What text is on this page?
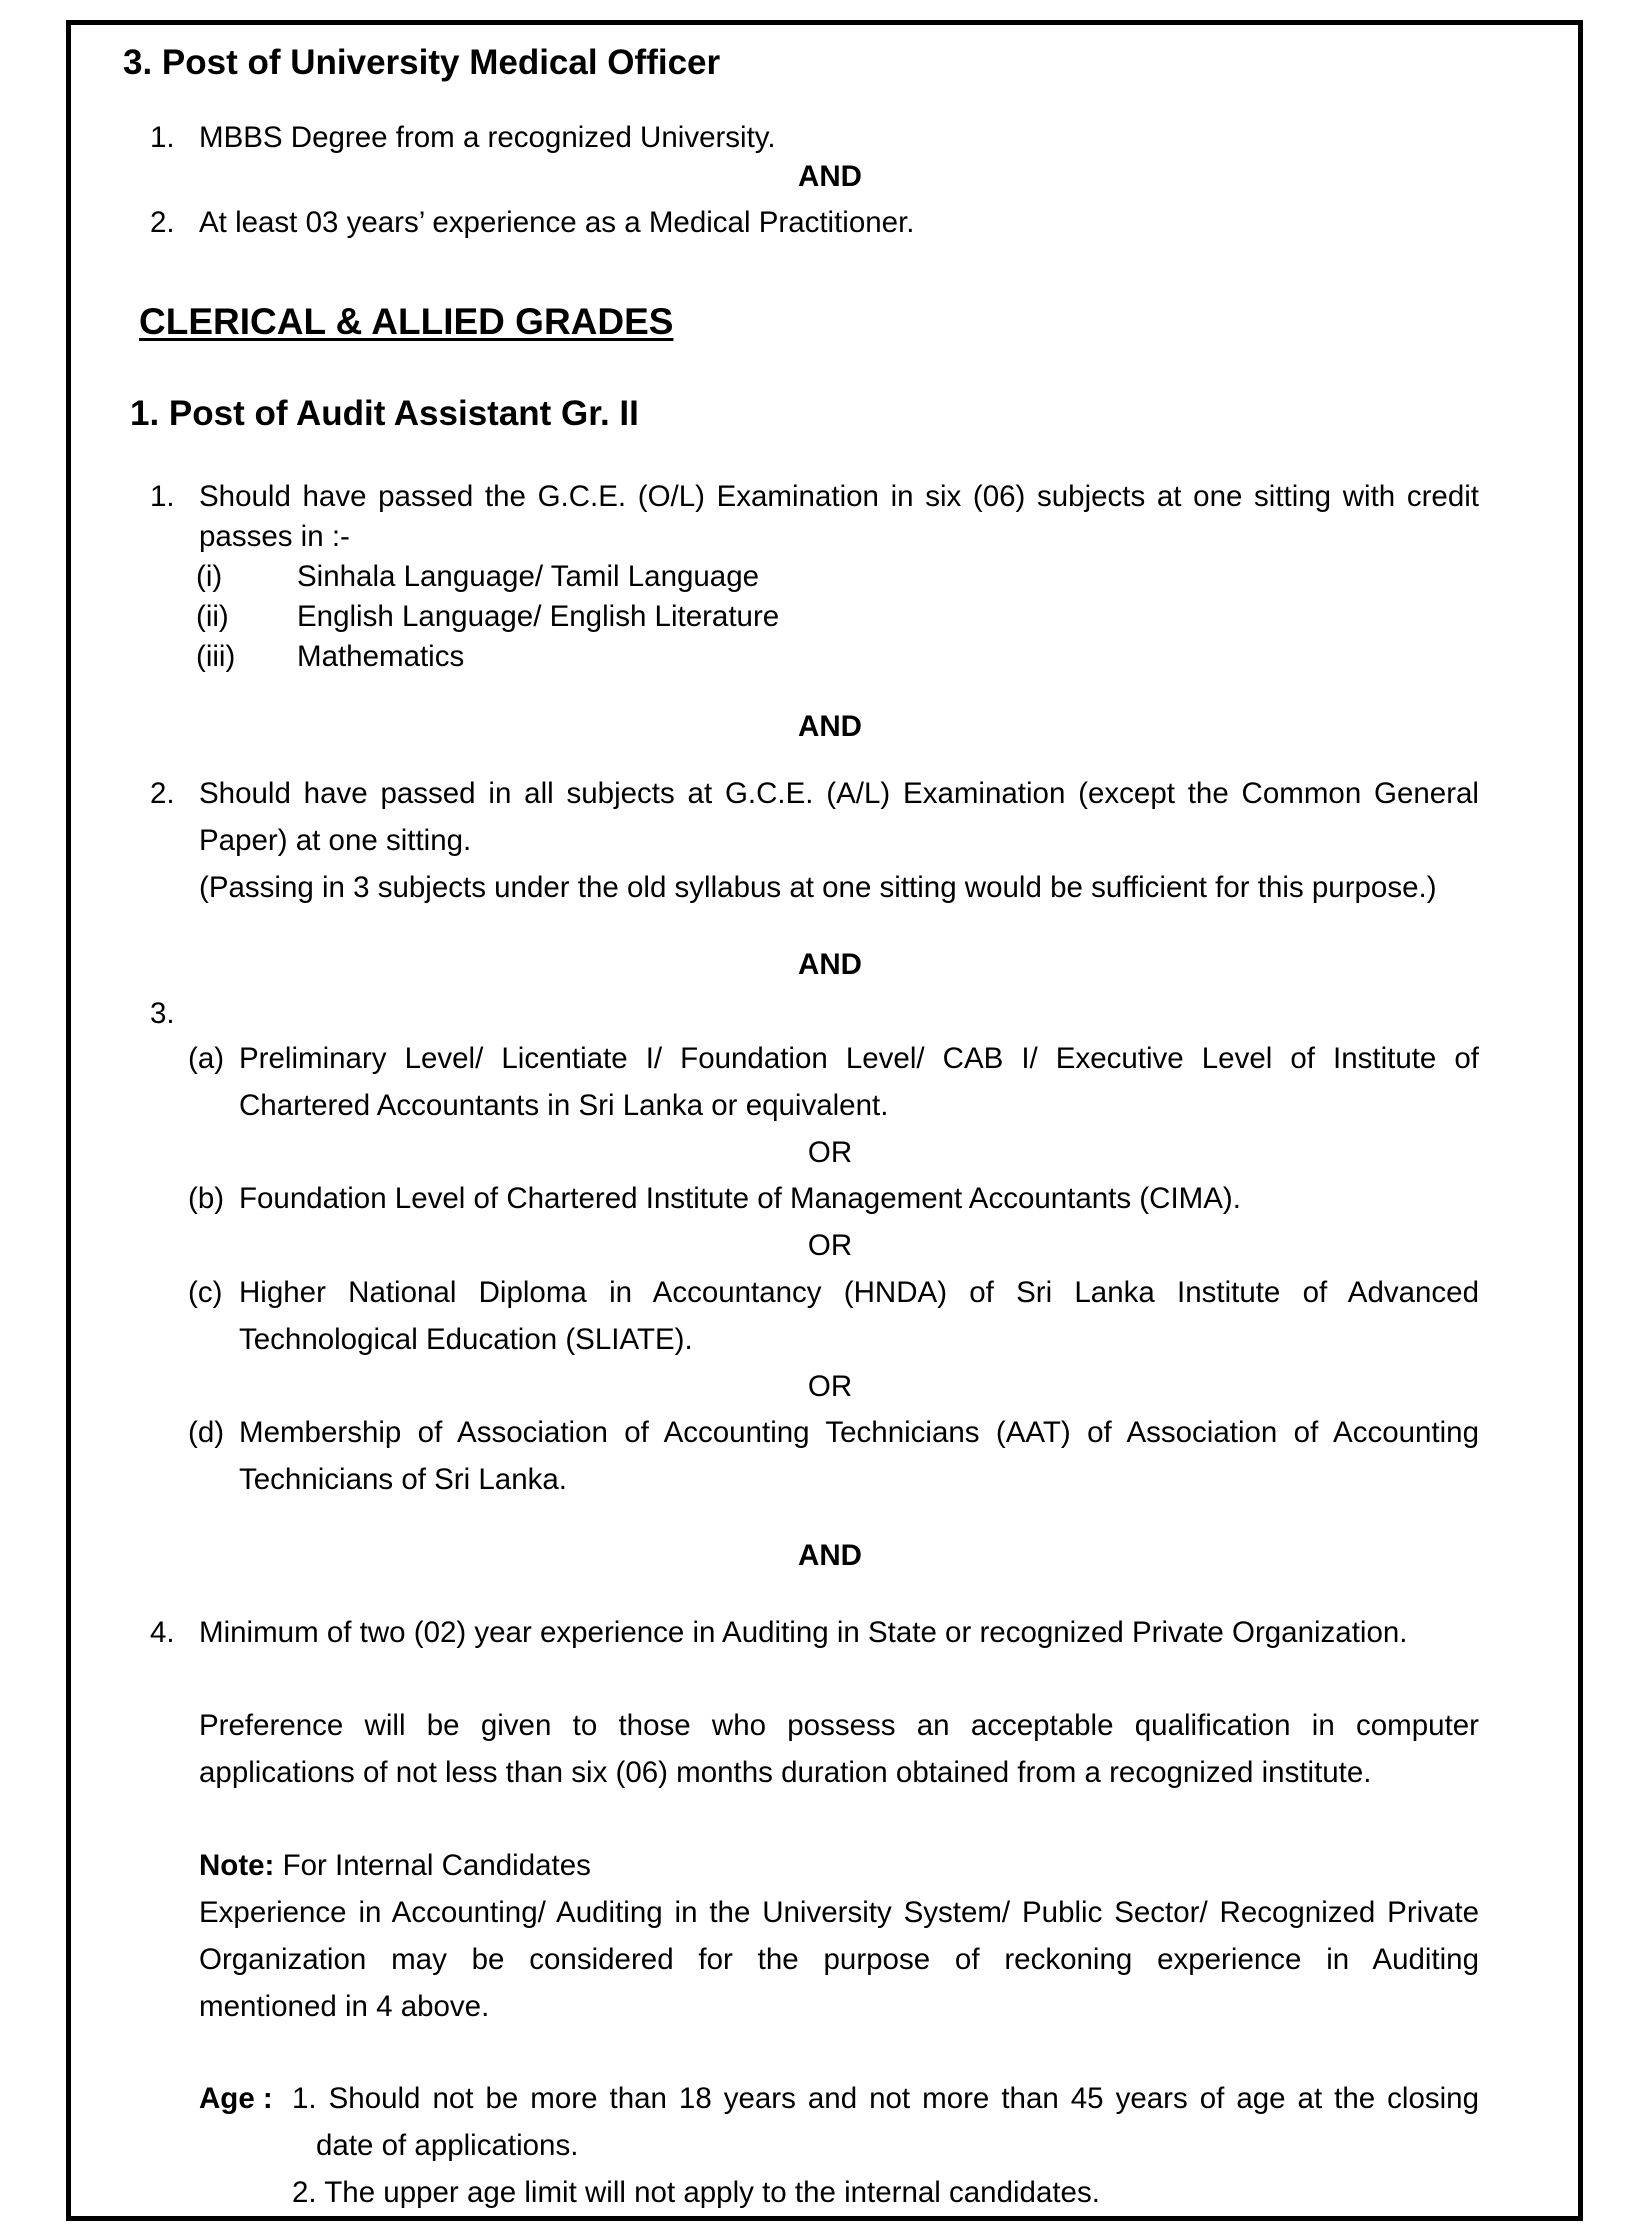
3. Post of University Medical Officer
1. MBBS Degree from a recognized University.
AND
2. At least 03 years’ experience as a Medical Practitioner.
CLERICAL & ALLIED GRADES
1. Post of Audit Assistant Gr. II
1. Should have passed the G.C.E. (O/L) Examination in six (06) subjects at one sitting with credit
passes in :-
(i)	Sinhala Language/ Tamil Language
(ii) English Language/ English Literature
(iii) Mathematics
AND
2. Should have passed in all subjects at G.C.E. (A/L) Examination (except the Common General
Paper) at one sitting.
(Passing in 3 subjects under the old syllabus at one sitting would be sufficient for this purpose.)
AND
3.
(a) Preliminary Level/ Licentiate I/ Foundation Level/ CAB I/ Executive Level of Institute of
Chartered Accountants in Sri Lanka or equivalent.
OR
(b) Foundation Level of Chartered Institute of Management Accountants (CIMA).
OR
(c) Higher National Diploma in Accountancy (HNDA) of Sri Lanka Institute of Advanced
Technological Education (SLIATE).
OR
(d) Membership of Association of Accounting Technicians (AAT) of Association of Accounting
Technicians of Sri Lanka.
AND
4. Minimum of two (02) year experience in Auditing in State or recognized Private Organization.
Preference will be given to those who possess an acceptable qualification in computer
applications of not less than six (06) months duration obtained from a recognized institute.
Note: For Internal Candidates
Experience in Accounting/ Auditing in the University System/ Public Sector/ Recognized Private
Organization may be considered for the purpose of reckoning experience in Auditing
mentioned in 4 above.
Age : 1. Should not be more than 18 years and not more than 45 years of age at the closing
date of applications.
2. The upper age limit will not apply to the internal candidates.
